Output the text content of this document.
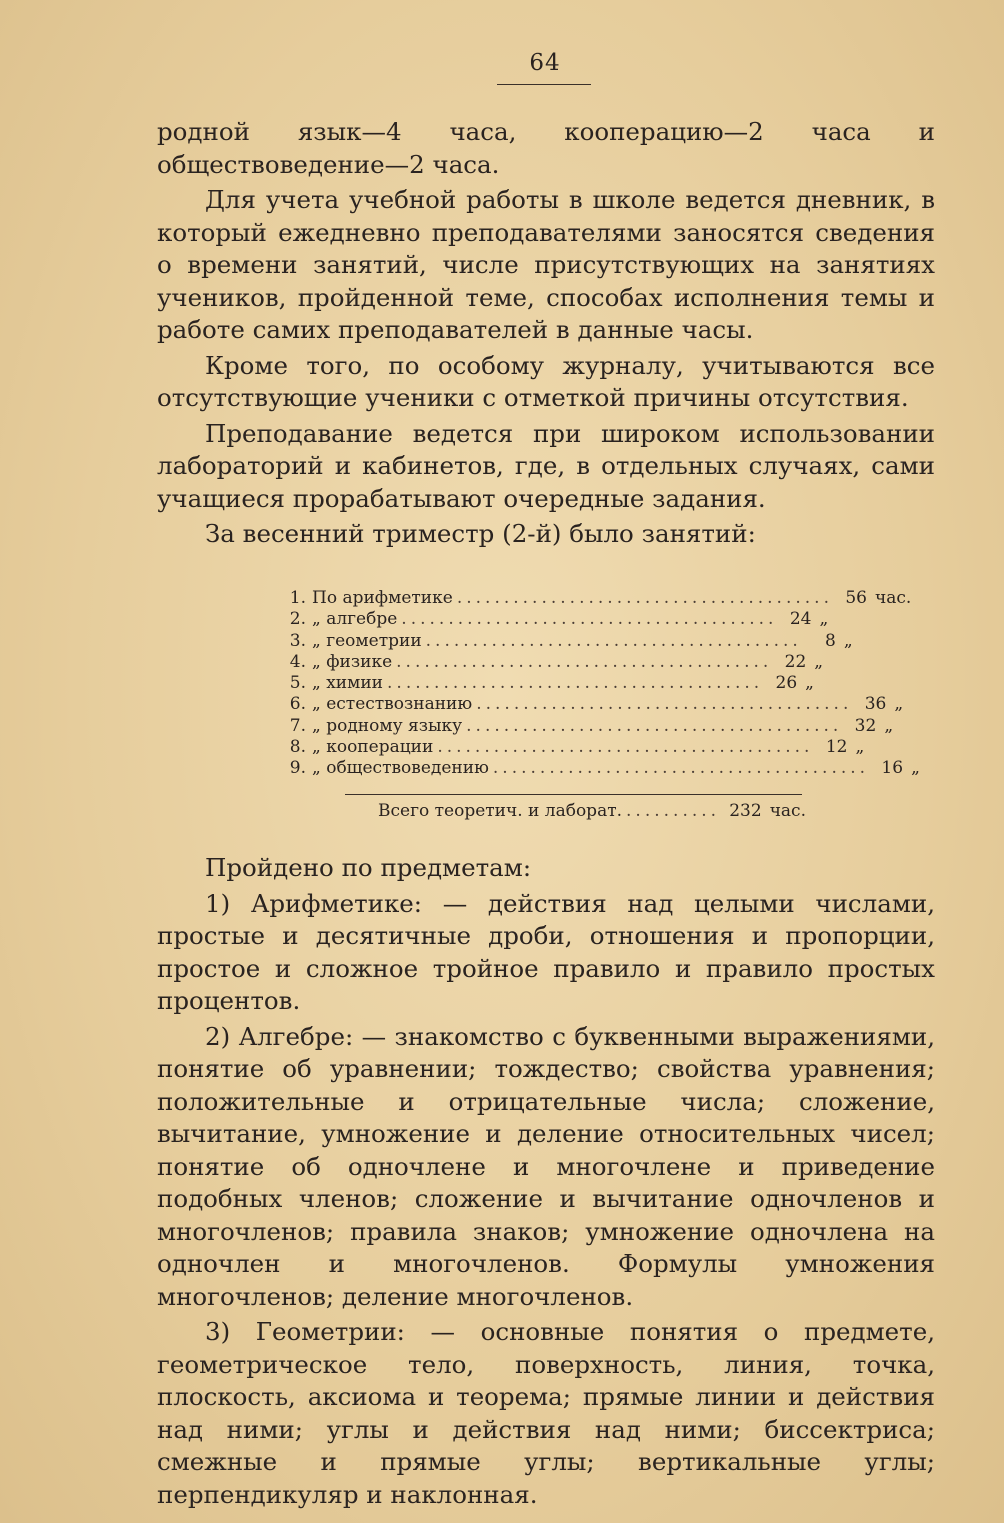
64

родной язык—4 часа, кооперацию—2 часа и обществоведение—2 часа.

Для учета учебной работы в школе ведется дневник, в который ежедневно преподавателями заносятся сведения о времени занятий, числе присутствующих на занятиях учеников, пройденной теме, способах исполнения темы и работе самих преподавателей в данные часы.

Кроме того, по особому журналу, учитываются все отсутствующие ученики с отметкой причины отсутствия.

Преподавание ведется при широком использовании лабораторий и кабинетов, где, в отдельных случаях, сами учащиеся прорабатывают очередные задания.

За весенний триместр (2-й) было занятий:

1. По арифметике ........................................ 56 час.
2. „ алгебре ........................................ 24 „
3. „ геометрии ........................................	8 „
4. „ физике ........................................ 22 „
5. „ химии ........................................ 26 „
6. „ естествознанию ........................................ 36 „
7. „ родному языку ........................................ 32 „
8. „ кооперации ........................................ 12 „
9. „ обществоведению ........................................ 16 „
Всего теоретич. и лаборат. .......... 232 час.

Пройдено по предметам:

1) Арифметике: — действия над целыми числами, простые и десятичные дроби, отношения и пропорции, простое и сложное тройное правило и правило простых процентов.

2) Алгебре: — знакомство с буквенными выражениями, понятие об уравнении; тождество; свойства уравнения; положительные и отрицательные числа; сложение, вычитание, умножение и деление относительных чисел; понятие об одночлене и многочлене и приведение подобных членов; сложение и вычитание одночленов и многочленов; правила знаков; умножение одночлена на одночлен и многочленов. Формулы умножения многочленов; деление многочленов.

3) Геометрии: — основные понятия о предмете, геометрическое тело, поверхность, линия, точка, плоскость, аксиома и теорема; прямые линии и действия над ними; углы и действия над ними; биссектриса; смежные и прямые углы; вертикальные углы; перпендикуляр и наклонная.
